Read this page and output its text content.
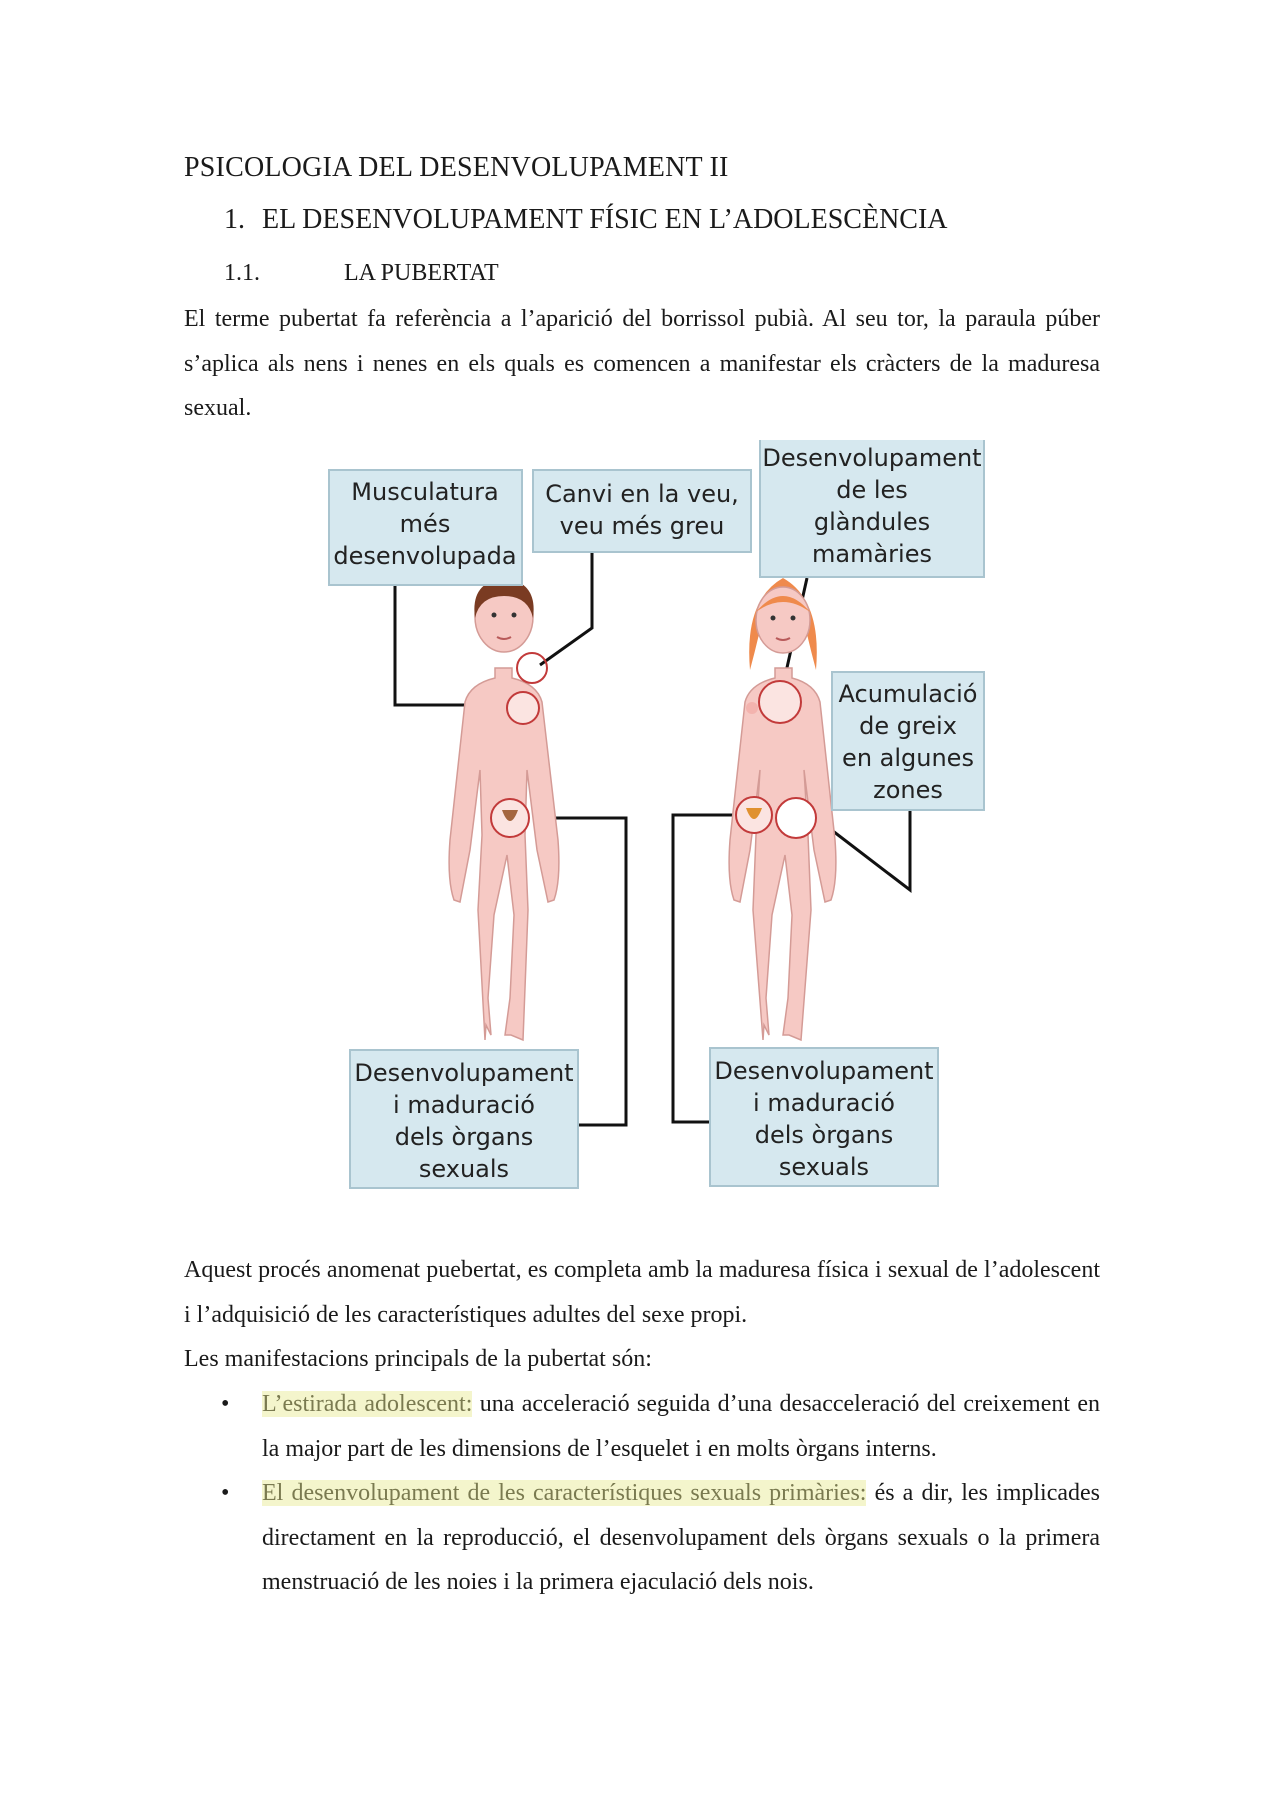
PSICOLOGIA DEL DESENVOLUPAMENT II
1. EL DESENVOLUPAMENT FÍSIC EN L’ADOLESCÈNCIA
1.1.	LA PUBERTAT
El terme pubertat fa referència a l’aparició del borrissol pubià. Al seu tor, la paraula púber s’aplica als nens i nenes en els quals es comencen a manifestar els cràcters de la maduresa sexual.
Musculatura
més
desenvolupada
Canvi en la veu,
veu més greu
Desenvolupament
de les
glàndules
mamàries
Acumulació
de greix
en algunes
zones
Desenvolupament
i maduració
dels òrgans
sexuals
Desenvolupament
i maduració
dels òrgans
sexuals
Aquest procés anomenat puebertat, es completa amb la maduresa física i sexual de l’adolescent i l’adquisició de les característiques adultes del sexe propi.
Les manifestacions principals de la pubertat són:
• L’estirada adolescent: una acceleració seguida d’una desacceleració del creixement en la major part de les dimensions de l’esquelet i en molts òrgans interns.
• El desenvolupament de les característiques sexuals primàries: és a dir, les implicades directament en la reproducció, el desenvolupament dels òrgans sexuals o la primera menstruació de les noies i la primera ejaculació dels nois.
